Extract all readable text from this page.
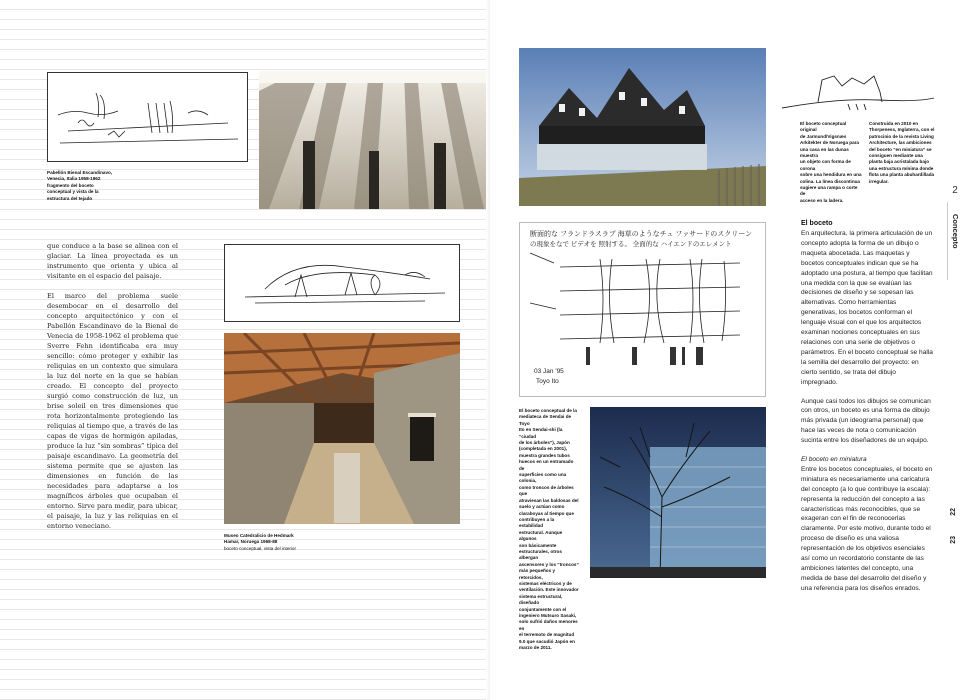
Pabellón Bienal Escandinavo,
Venecia, Italia 1958-1962
fragmento del boceto
conceptual y vista de la
estructura del tejado

Museo Catedralicio de Hedmark
Hamar, Noruega 1968-88
boceto conceptual, vista del interior

que conduce a la base se alinea con el glaciar. La línea proyectada es un instrumento que orienta y ubica al visitante en el espacio del paisaje.

El marco del problema suele desembocar en el desarrollo del concepto arquitectónico y con el Pabellón Escandinavo de la Bienal de Venecia de 1958-1962 el problema que Sverre Fehn identificaba era muy sencillo: cómo proteger y exhibir las reliquias en un contexto que simulara la luz del norte en la que se habían creado. El concepto del proyecto surgió como construcción de luz, un brise soleil en tres dimensiones que rota horizontalmente protegiendo las reliquias al tiempo que, a través de las capas de vigas de hormigón apiladas, produce la luz “sin sombras” típica del paisaje escandinavo. La geometría del sistema permite que se ajusten las dimensiones en función de las necesidades para adaptarse a los magníficos árboles que ocupaban el entorno. Sirve para medir, para ubicar, el paisaje, la luz y las reliquias en el entorno veneciano.

El boceto conceptual original
de Jarmund/Vigsnæs
Arkitekter de Noruega para
una casa en las dunas muestra
un objeto con forma de corona
sobre una hendidura en una
colina. La línea discontinua
sugiere una rampa o corte de
acceso en la ladera.

Construida en 2010 en
Thorpeness, Inglaterra, con el
patrocinio de la revista Living
Architecture, las ambiciones
del boceto “en miniatura” se
consiguen mediante una
planta baja acristalada bajo
una estructura mínima donde
flota una planta abuhardillada
irregular.

断面的な フランドラスラブ 海草のようなチュ ファサードのスクリーン
の現象をなで ビデオを 照射する。 全面的な ハイエンドのエレメント
03 Jan '95
Toyo Ito

El boceto conceptual de la
mediateca de Sendai de Toyo
Ito en Sendai-shi (la “ciudad
de los árboles”), Japón
(completada en 2001),
muestra grandes tubos
huecos en un entramado de
superficies como una colonia,
como troncos de árboles que
atraviesan las baldosas del
suelo y actúan como
claraboyas al tiempo que
contribuyen a la estabilidad
estructural. Aunque algunos
son básicamente
estructurales, otros albergan
ascensores y los “troncos”
más pequeños y retorcidos,
sistemas eléctricos y de
ventilación. Este innovador
sistema estructural, diseñado
conjuntamente con el
ingeniero Mutsuro Sasaki,
solo sufrió daños menores en
el terremoto de magnitud
9.0 que sacudió Japón en
marzo de 2011.

El boceto

En arquitectura, la primera articulación de un concepto adopta la forma de un dibujo o maqueta abocetada. Las maquetas y bocetos conceptuales indican que se ha adoptado una postura, al tiempo que facilitan una medida con la que se evalúan las decisiones de diseño y se sopesan las alternativas. Como herramientas generativas, los bocetos conforman el lenguaje visual con el que los arquitectos examinan nociones conceptuales en sus relaciones con una serie de objetivos o parámetros. En el boceto conceptual se halla la semilla del desarrollo del proyecto: en cierto sentido, se trata del dibujo impregnado.

Aunque casi todos los dibujos se comunican con otros, un boceto es una forma de dibujo más privada (un ideograma personal) que hace las veces de nota o comunicación sucinta entre los diseñadores de un equipo.

El boceto en miniatura

Entre los bocetos conceptuales, el boceto en miniatura es necesariamente una caricatura del concepto (a lo que contribuye la escala): representa la reducción del concepto a las características más reconocibles, que se exageran con el fin de reconocerlas claramente. Por este motivo, durante todo el proceso de diseño es una valiosa representación de los objetivos esenciales así como un recordatorio constante de las ambiciones latentes del concepto, una medida de base del desarrollo del diseño y una referencia para los diseños enrados.

2
Concepto
22
23
